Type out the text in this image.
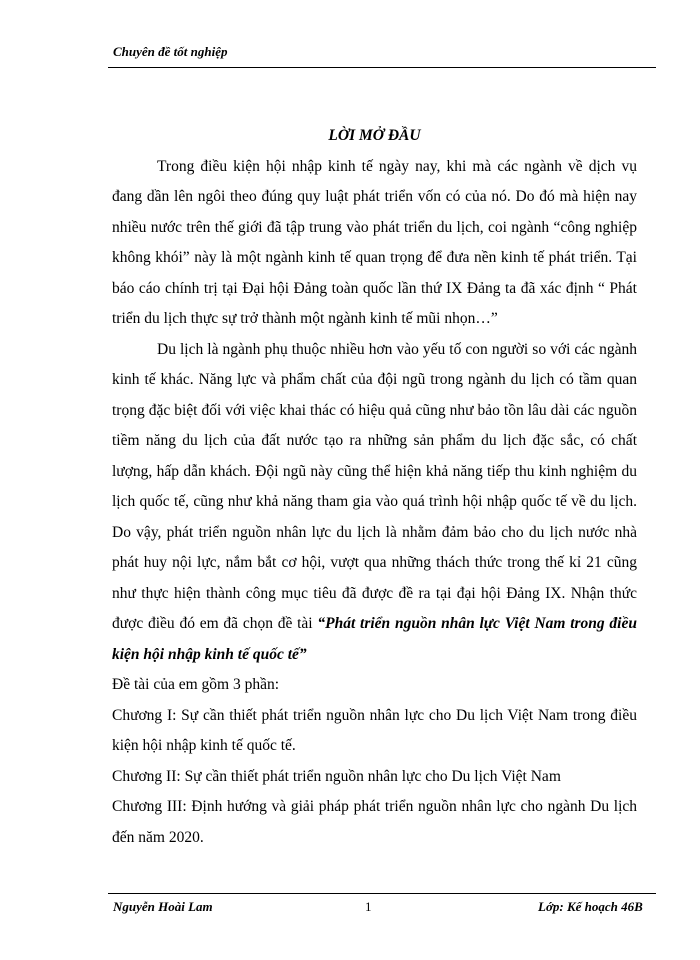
Chuyên đề tốt nghiệp

LỜI MỞ ĐẦU

Trong điều kiện hội nhập kinh tế ngày nay, khi mà các ngành về dịch vụ đang dần lên ngôi theo đúng quy luật phát triển vốn có của nó. Do đó mà hiện nay nhiều nước trên thế giới đã tập trung vào phát triển du lịch, coi ngành “công nghiệp không khói” này là một ngành kinh tế quan trọng để đưa nền kinh tế phát triển. Tại báo cáo chính trị tại Đại hội Đảng toàn quốc lần thứ IX Đảng ta đã xác định “ Phát triển du lịch thực sự trở thành một ngành kinh tế mũi nhọn…”

Du lịch là ngành phụ thuộc nhiều hơn vào yếu tố con người so với các ngành kinh tế khác. Năng lực và phẩm chất của đội ngũ trong ngành du lịch có tầm quan trọng đặc biệt đối với việc khai thác có hiệu quả cũng như bảo tồn lâu dài các nguồn tiềm năng du lịch của đất nước tạo ra những sản phẩm du lịch đặc sắc, có chất lượng, hấp dẫn khách. Đội ngũ này cũng thể hiện khả năng tiếp thu kinh nghiệm du lịch quốc tế, cũng như khả năng tham gia vào quá trình hội nhập quốc tế về du lịch. Do vậy, phát triển nguồn nhân lực du lịch là nhằm đảm bảo cho du lịch nước nhà phát huy nội lực, nắm bắt cơ hội, vượt qua những thách thức trong thế kỉ 21 cũng như thực hiện thành công mục tiêu đã được đề ra tại đại hội Đảng IX. Nhận thức được điều đó em đã chọn đề tài “Phát triển nguồn nhân lực Việt Nam trong điều kiện hội nhập kinh tế quốc tế”

Đề tài của em gồm 3 phần:

Chương I: Sự cần thiết phát triển nguồn nhân lực cho Du lịch Việt Nam trong điều kiện hội nhập kinh tế quốc tế.

Chương II: Sự cần thiết phát triển nguồn nhân lực cho Du lịch Việt Nam

Chương III: Định hướng và giải pháp phát triển nguồn nhân lực cho ngành Du lịch đến năm 2020.

Nguyễn Hoài Lam	1	Lớp: Kế hoạch 46B
